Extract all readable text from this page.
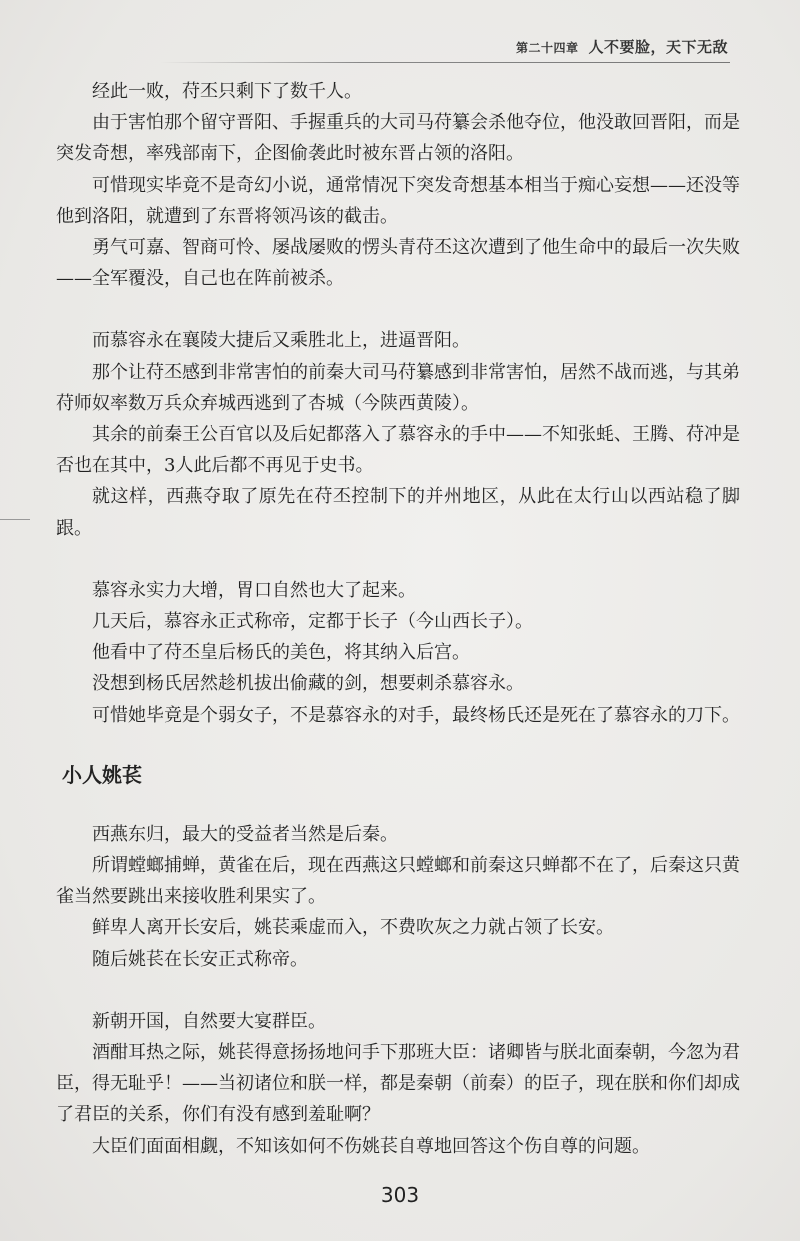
第二十四章 人不要脸，天下无敌

经此一败，苻丕只剩下了数千人。

由于害怕那个留守晋阳、手握重兵的大司马苻纂会杀他夺位，他没敢回晋阳，而是突发奇想，率残部南下，企图偷袭此时被东晋占领的洛阳。

可惜现实毕竟不是奇幻小说，通常情况下突发奇想基本相当于痴心妄想——还没等他到洛阳，就遭到了东晋将领冯该的截击。

勇气可嘉、智商可怜、屡战屡败的愣头青苻丕这次遭到了他生命中的最后一次失败——全军覆没，自己也在阵前被杀。

而慕容永在襄陵大捷后又乘胜北上，进逼晋阳。

那个让苻丕感到非常害怕的前秦大司马苻纂感到非常害怕，居然不战而逃，与其弟苻师奴率数万兵众弃城西逃到了杏城（今陕西黄陵）。

其余的前秦王公百官以及后妃都落入了慕容永的手中——不知张蚝、王腾、苻冲是否也在其中，3人此后都不再见于史书。

就这样，西燕夺取了原先在苻丕控制下的并州地区，从此在太行山以西站稳了脚跟。

慕容永实力大增，胃口自然也大了起来。

几天后，慕容永正式称帝，定都于长子（今山西长子）。

他看中了苻丕皇后杨氏的美色，将其纳入后宫。

没想到杨氏居然趁机拔出偷藏的剑，想要刺杀慕容永。

可惜她毕竟是个弱女子，不是慕容永的对手，最终杨氏还是死在了慕容永的刀下。

小人姚苌

西燕东归，最大的受益者当然是后秦。

所谓螳螂捕蝉，黄雀在后，现在西燕这只螳螂和前秦这只蝉都不在了，后秦这只黄雀当然要跳出来接收胜利果实了。

鲜卑人离开长安后，姚苌乘虚而入，不费吹灰之力就占领了长安。

随后姚苌在长安正式称帝。

新朝开国，自然要大宴群臣。

酒酣耳热之际，姚苌得意扬扬地问手下那班大臣：诸卿皆与朕北面秦朝，今忽为君臣，得无耻乎！——当初诸位和朕一样，都是秦朝（前秦）的臣子，现在朕和你们却成了君臣的关系，你们有没有感到羞耻啊？

大臣们面面相觑，不知该如何不伤姚苌自尊地回答这个伤自尊的问题。

303
